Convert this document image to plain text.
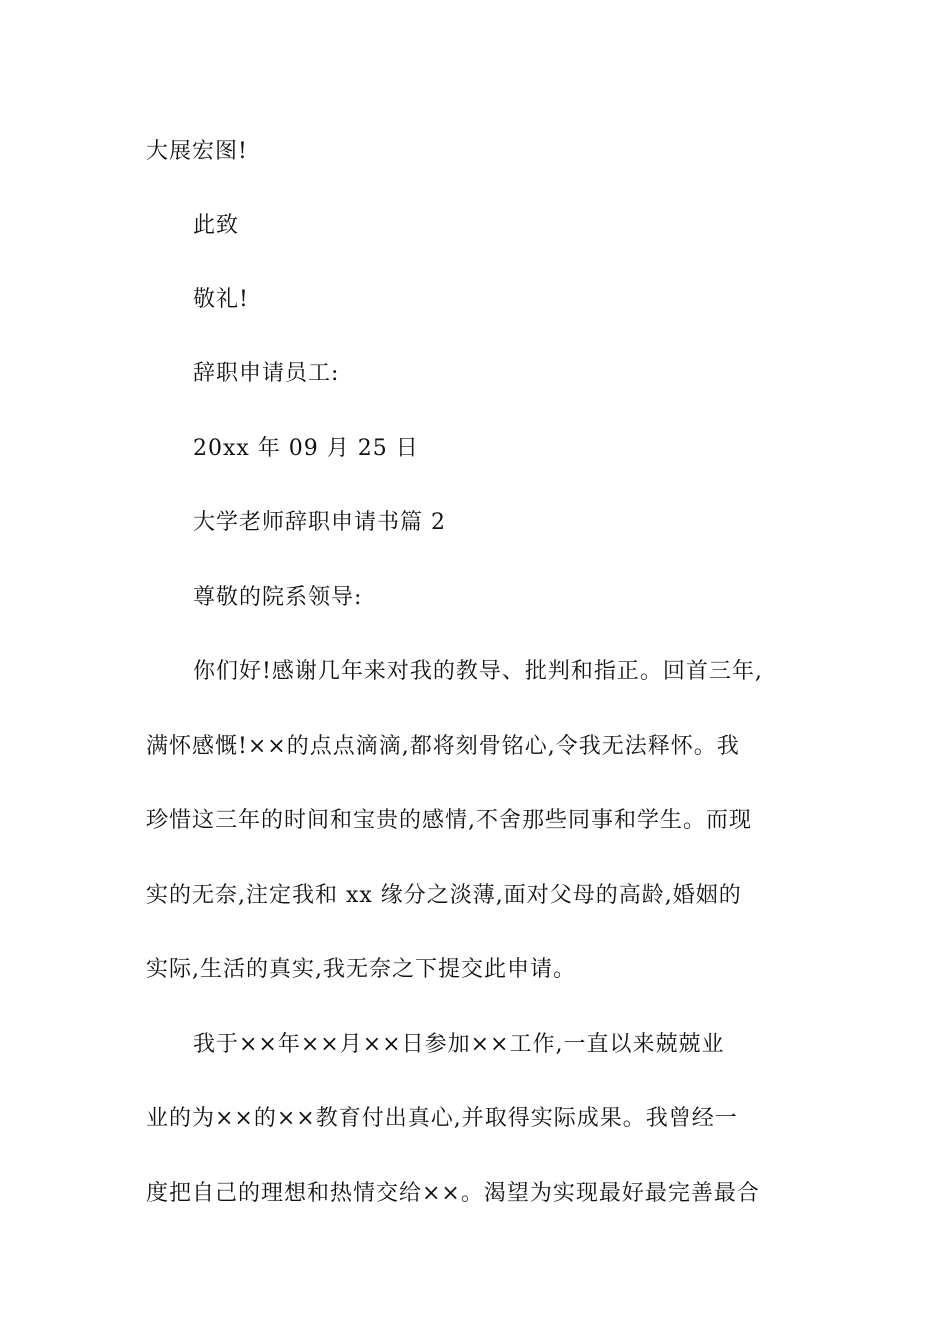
大展宏图!
此致
敬礼!
辞职申请员工:
20xx 年 09 月 25 日
大学老师辞职申请书篇 2
尊敬的院系领导:
你们好!感谢几年来对我的教导、批判和指正。回首三年,
满怀感慨!××的点点滴滴,都将刻骨铭心,令我无法释怀。我
珍惜这三年的时间和宝贵的感情,不舍那些同事和学生。而现
实的无奈,注定我和 xx 缘分之淡薄,面对父母的高龄,婚姻的
实际,生活的真实,我无奈之下提交此申请。
我于××年××月××日参加××工作,一直以来兢兢业
业的为××的××教育付出真心,并取得实际成果。我曾经一
度把自己的理想和热情交给××。渴望为实现最好最完善最合
